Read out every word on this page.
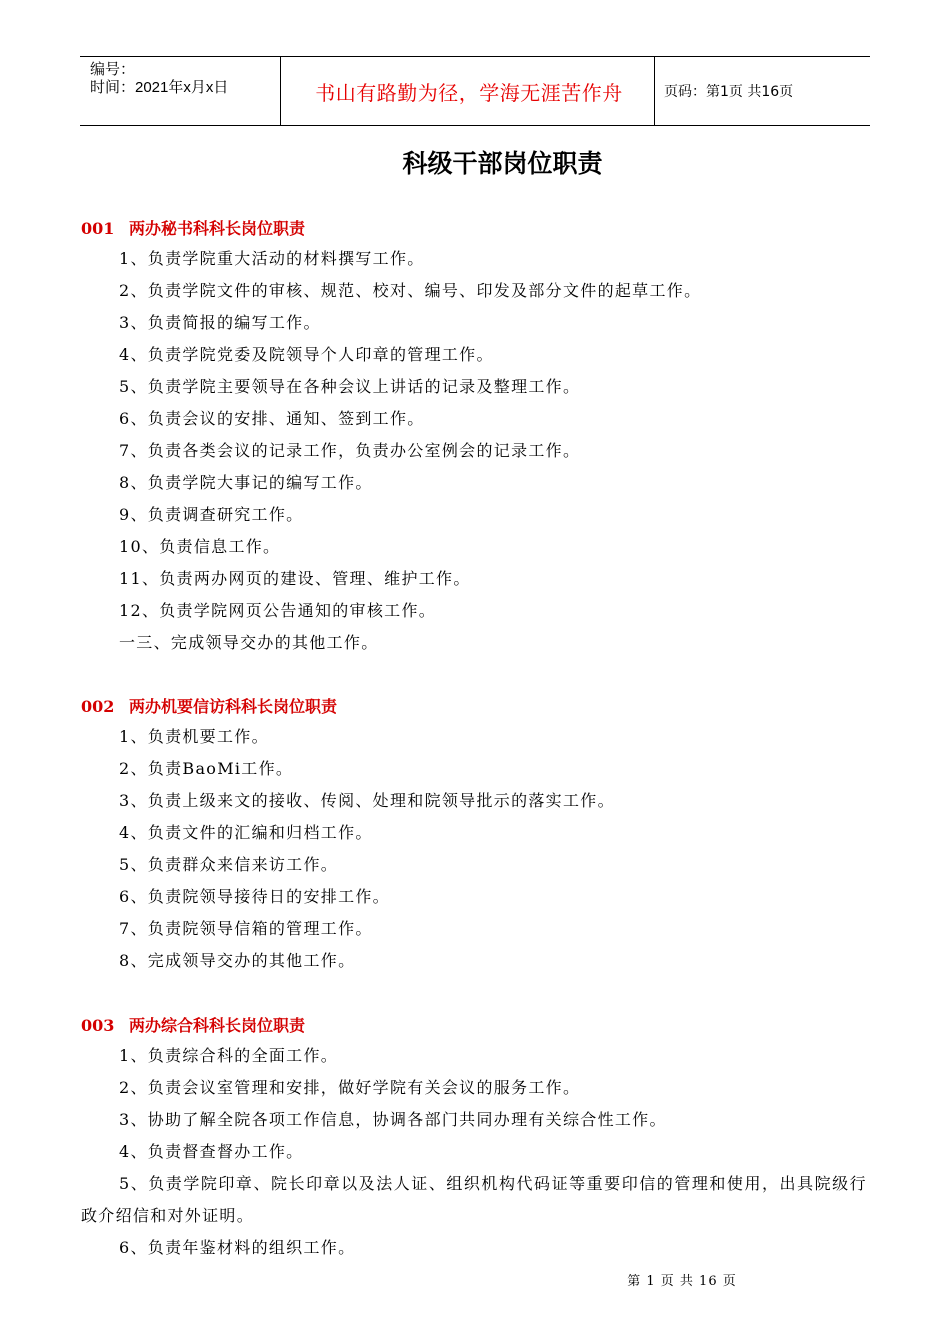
编号：
时间：2021年x月x日	书山有路勤为径，学海无涯苦作舟	页码：第1页 共16页
科级干部岗位职责
001 两办秘书科科长岗位职责
1、负责学院重大活动的材料撰写工作。
2、负责学院文件的审核、规范、校对、编号、印发及部分文件的起草工作。
3、负责简报的编写工作。
4、负责学院党委及院领导个人印章的管理工作。
5、负责学院主要领导在各种会议上讲话的记录及整理工作。
6、负责会议的安排、通知、签到工作。
7、负责各类会议的记录工作，负责办公室例会的记录工作。
8、负责学院大事记的编写工作。
9、负责调查研究工作。
10、负责信息工作。
11、负责两办网页的建设、管理、维护工作。
12、负责学院网页公告通知的审核工作。
一三、完成领导交办的其他工作。
002 两办机要信访科科长岗位职责
1、负责机要工作。
2、负责BaoMi工作。
3、负责上级来文的接收、传阅、处理和院领导批示的落实工作。
4、负责文件的汇编和归档工作。
5、负责群众来信来访工作。
6、负责院领导接待日的安排工作。
7、负责院领导信箱的管理工作。
8、完成领导交办的其他工作。
003 两办综合科科长岗位职责
1、负责综合科的全面工作。
2、负责会议室管理和安排，做好学院有关会议的服务工作。
3、协助了解全院各项工作信息，协调各部门共同办理有关综合性工作。
4、负责督查督办工作。
5、负责学院印章、院长印章以及法人证、组织机构代码证等重要印信的管理和使用，出具院级行政介绍信和对外证明。
6、负责年鉴材料的组织工作。
第 1 页 共 16 页
